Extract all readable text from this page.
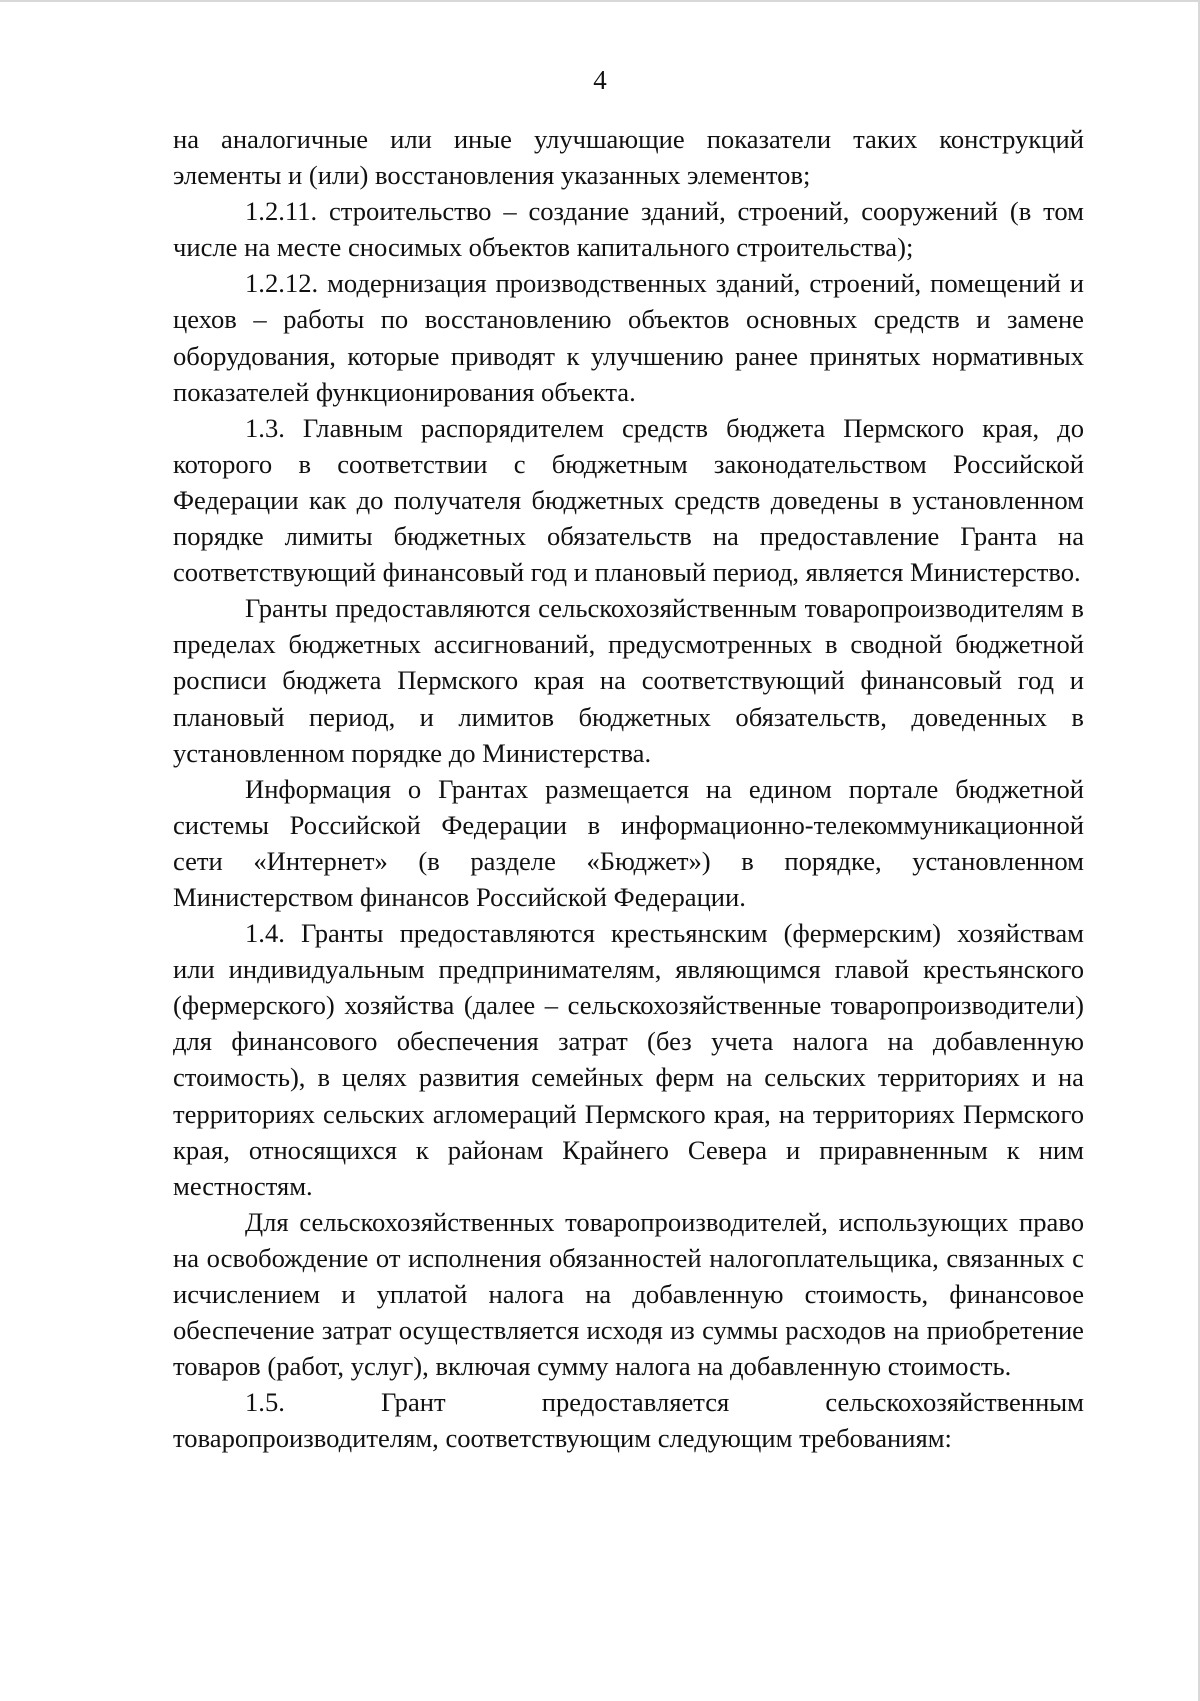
4

на аналогичные или иные улучшающие показатели таких конструкций элементы и (или) восстановления указанных элементов;

1.2.11. строительство – создание зданий, строений, сооружений (в том числе на месте сносимых объектов капитального строительства);

1.2.12. модернизация производственных зданий, строений, помещений и цехов – работы по восстановлению объектов основных средств и замене оборудования, которые приводят к улучшению ранее принятых нормативных показателей функционирования объекта.

1.3. Главным распорядителем средств бюджета Пермского края, до которого в соответствии с бюджетным законодательством Российской Федерации как до получателя бюджетных средств доведены в установленном порядке лимиты бюджетных обязательств на предоставление Гранта на соответствующий финансовый год и плановый период, является Министерство.

Гранты предоставляются сельскохозяйственным товаропроизводителям в пределах бюджетных ассигнований, предусмотренных в сводной бюджетной росписи бюджета Пермского края на соответствующий финансовый год и плановый период, и лимитов бюджетных обязательств, доведенных в установленном порядке до Министерства.

Информация о Грантах размещается на едином портале бюджетной системы Российской Федерации в информационно-телекоммуникационной сети «Интернет» (в разделе «Бюджет») в порядке, установленном Министерством финансов Российской Федерации.

1.4. Гранты предоставляются крестьянским (фермерским) хозяйствам или индивидуальным предпринимателям, являющимся главой крестьянского (фермерского) хозяйства (далее – сельскохозяйственные товаропроизводители) для финансового обеспечения затрат (без учета налога на добавленную стоимость), в целях развития семейных ферм на сельских территориях и на территориях сельских агломераций Пермского края, на территориях Пермского края, относящихся к районам Крайнего Севера и приравненным к ним местностям.

Для сельскохозяйственных товаропроизводителей, использующих право на освобождение от исполнения обязанностей налогоплательщика, связанных с исчислением и уплатой налога на добавленную стоимость, финансовое обеспечение затрат осуществляется исходя из суммы расходов на приобретение товаров (работ, услуг), включая сумму налога на добавленную стоимость.

1.5. Грант предоставляется сельскохозяйственным товаропроизводителям, соответствующим следующим требованиям:
